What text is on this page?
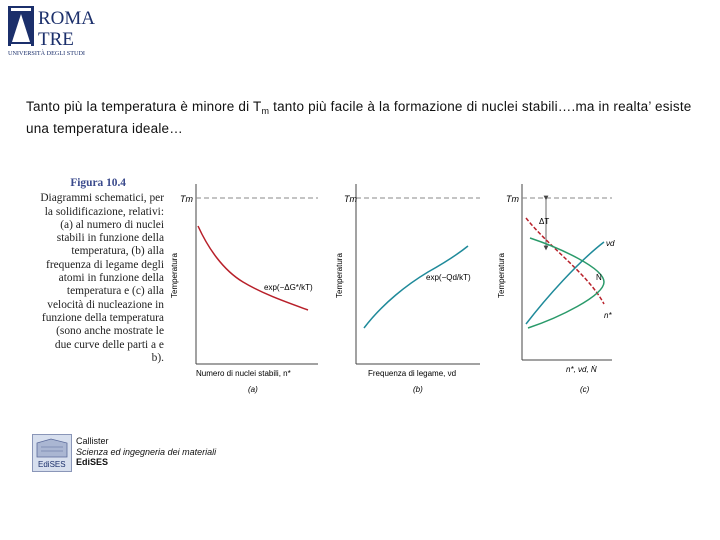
ROMA
TRE
UNIVERSITÀ DEGLI STUDI
Tanto più la temperatura è minore di $T_m$ tanto più facile à la formazione di nuclei stabili….ma in realta’ esiste una temperatura ideale…
Figura 10.4
Diagrammi schematici, per la solidificazione, relativi: (a) al numero di nuclei stabili in funzione della temperatura, (b) alla frequenza di legame degli atomi in funzione della temperatura e (c) alla velocità di nucleazione in funzione della temperatura (sono anche mostrate le due curve delle parti a e b).
Tm
Temperatura	exp(−ΔG*/kT)
Numero di nuclei stabili, n*
(a)
Tm
Temperatura	exp(−Qd/kT)
Frequenza di legame, νd
(b)
Tm
Temperatura
ΔT
νd
Ṅ
n*
n*, νd, Ṅ
(c)
EdiSES
Callister
Scienza ed ingegneria dei materiali
EdiSES
